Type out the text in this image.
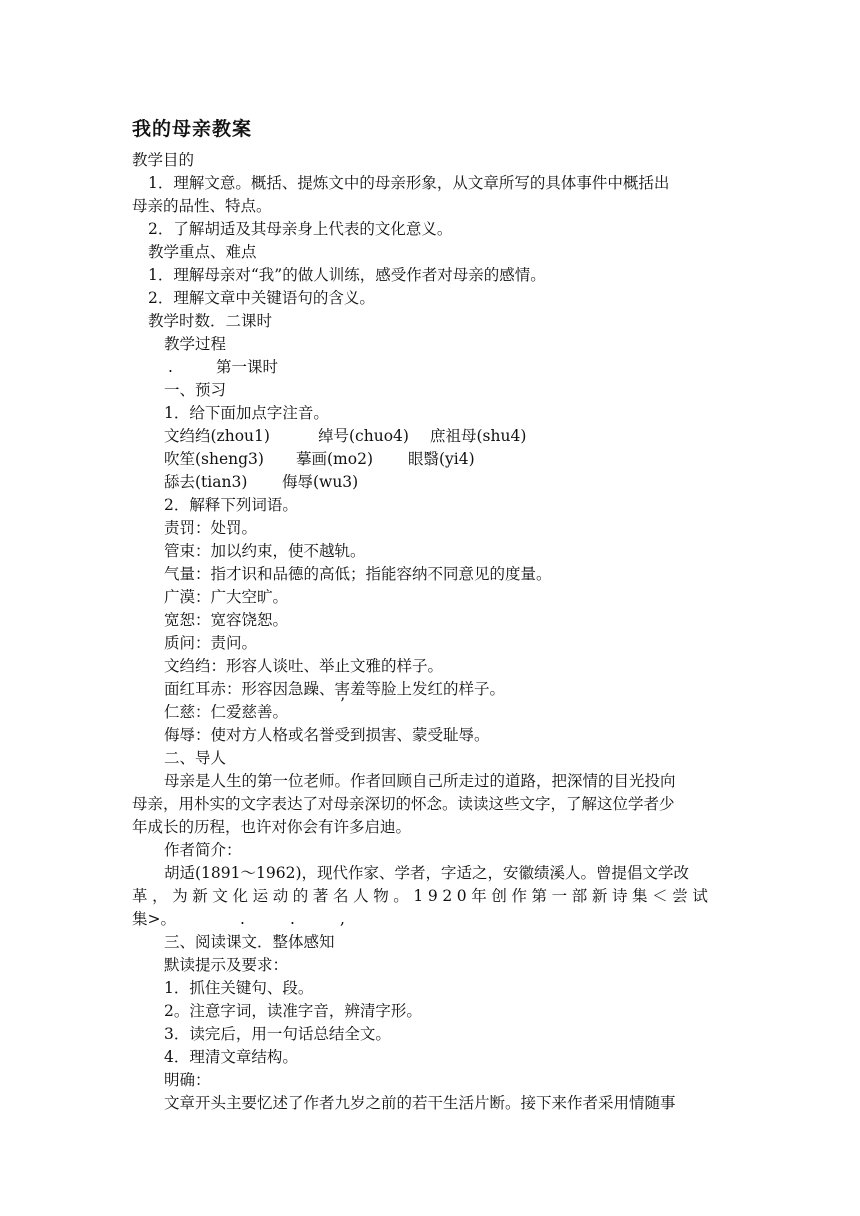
我的母亲教案
教学目的
1．理解文意。概括、提炼文中的母亲形象，从文章所写的具体事件中概括出
母亲的品性、特点。
2．了解胡适及其母亲身上代表的文化意义。
教学重点、难点
1．理解母亲对“我”的做人训练，感受作者对母亲的感情。
2．理解文章中关键语句的含义。
教学时数．二课时
教学过程
.	第一课时
一、预习
1．给下面加点字注音。
文绉绉(zhou1)	绰号(chuo4) 庶祖母(shu4)
吹笙(sheng3) 摹画(mo2) 眼翳(yi4)
舔去(tian3) 侮辱(wu3)
2．解释下列词语。
责罚：处罚。
管束：加以约束，使不越轨。
气量：指才识和品德的高低；指能容纳不同意见的度量。
广漠：广大空旷。
宽恕：宽容饶恕。
质问：责问。
文绉绉：形容人谈吐、举止文雅的样子。
面红耳赤：形容因急躁、害羞等脸上发红的样子。
仁慈：仁爱慈善。	’
侮辱：使对方人格或名誉受到损害、蒙受耻辱。
二、导人
母亲是人生的第一位老师。作者回顾自己所走过的道路，把深情的目光投向
母亲，用朴实的文字表达了对母亲深切的怀念。读读这些文字，了解这位学者少
年成长的历程，也许对你会有许多启迪。
作者简介：
胡适(1891～1962)，现代作家、学者，字适之，安徽绩溪人。曾提倡文学改
革，为新文化运动的著名人物。1920年创作第一部新诗集＜尝试
集>。	.	.	,
三、阅读课文．整体感知
默读提示及要求：
1．抓住关键句、段。
2。注意字词，读准字音，辨清字形。
3．读完后，用一句话总结全文。
4．理清文章结构。
明确：
文章开头主要忆述了作者九岁之前的若干生活片断。接下来作者采用情随事
